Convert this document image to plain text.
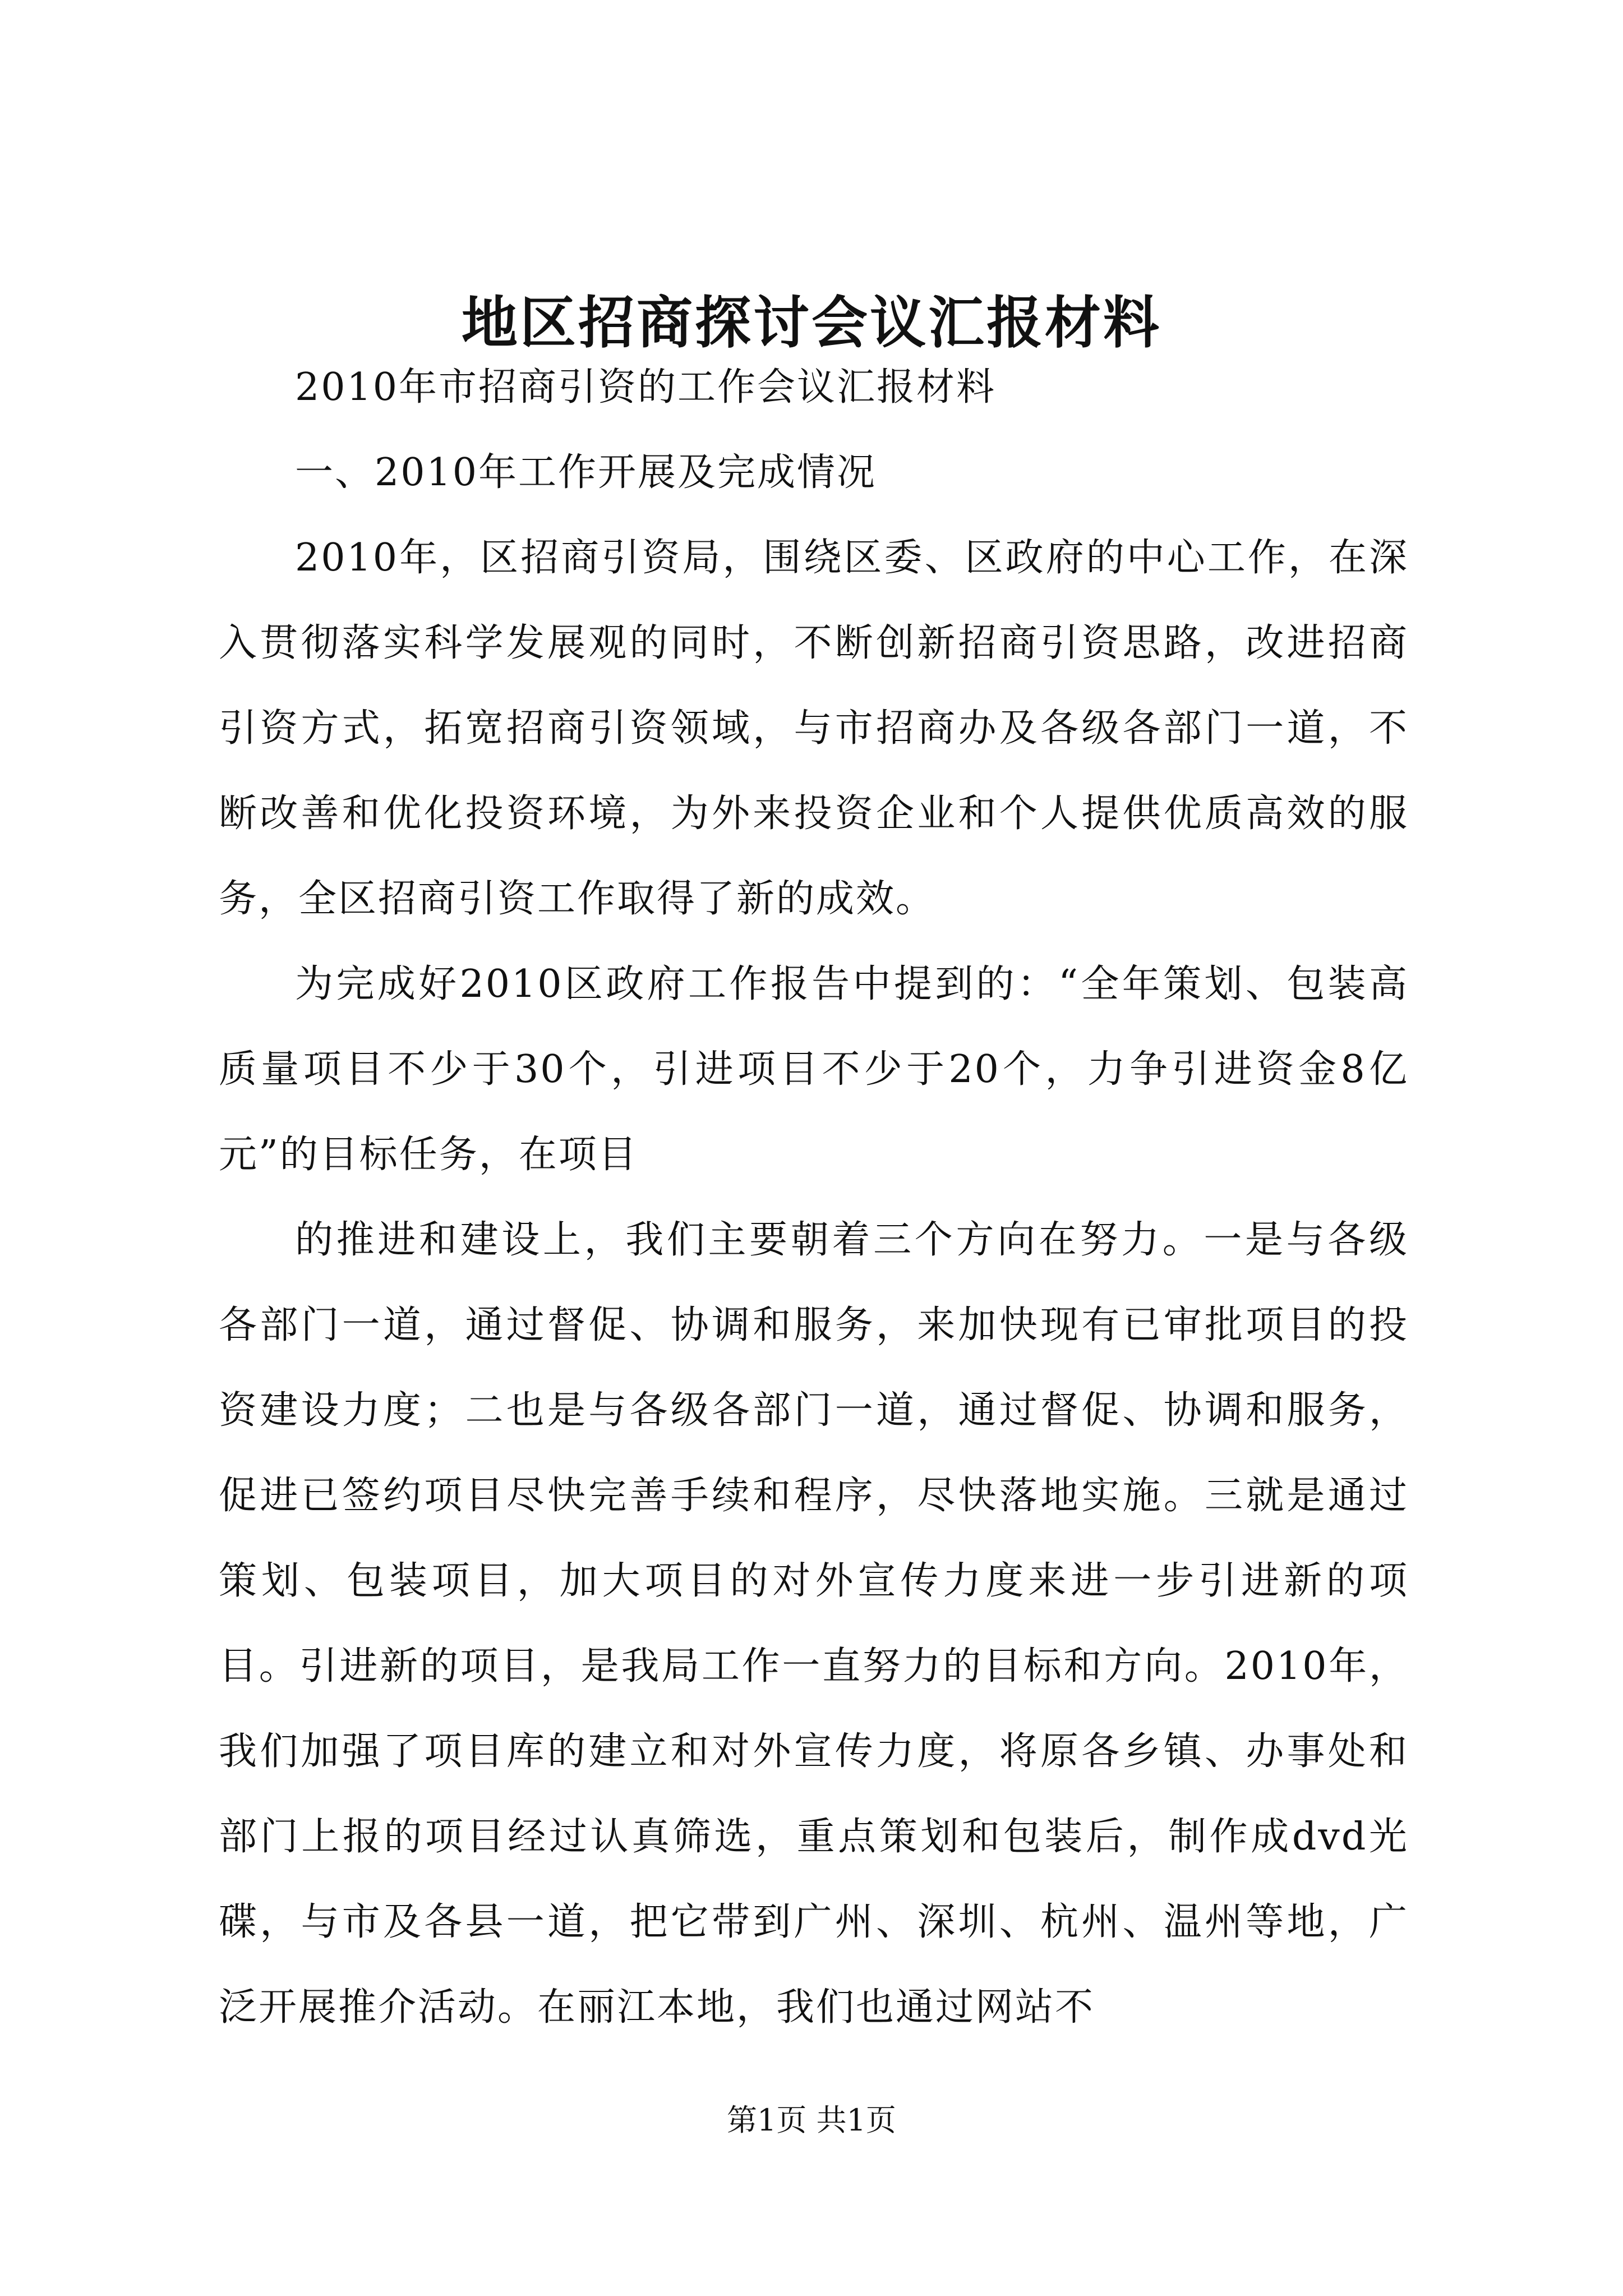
地区招商探讨会议汇报材料

2010年市招商引资的工作会议汇报材料

一、2010年工作开展及完成情况

2010年，区招商引资局，围绕区委、区政府的中心工作，在深入贯彻落实科学发展观的同时，不断创新招商引资思路，改进招商引资方式，拓宽招商引资领域，与市招商办及各级各部门一道，不断改善和优化投资环境，为外来投资企业和个人提供优质高效的服务，全区招商引资工作取得了新的成效。

为完成好2010区政府工作报告中提到的：“全年策划、包装高质量项目不少于30个，引进项目不少于20个，力争引进资金8亿元”的目标任务，在项目

的推进和建设上，我们主要朝着三个方向在努力。一是与各级各部门一道，通过督促、协调和服务，来加快现有已审批项目的投资建设力度；二也是与各级各部门一道，通过督促、协调和服务，促进已签约项目尽快完善手续和程序，尽快落地实施。三就是通过策划、包装项目，加大项目的对外宣传力度来进一步引进新的项目。引进新的项目，是我局工作一直努力的目标和方向。2010年，我们加强了项目库的建立和对外宣传力度，将原各乡镇、办事处和部门上报的项目经过认真筛选，重点策划和包装后，制作成dvd光碟，与市及各县一道，把它带到广州、深圳、杭州、温州等地，广泛开展推介活动。在丽江本地，我们也通过网站不

第1页 共1页
